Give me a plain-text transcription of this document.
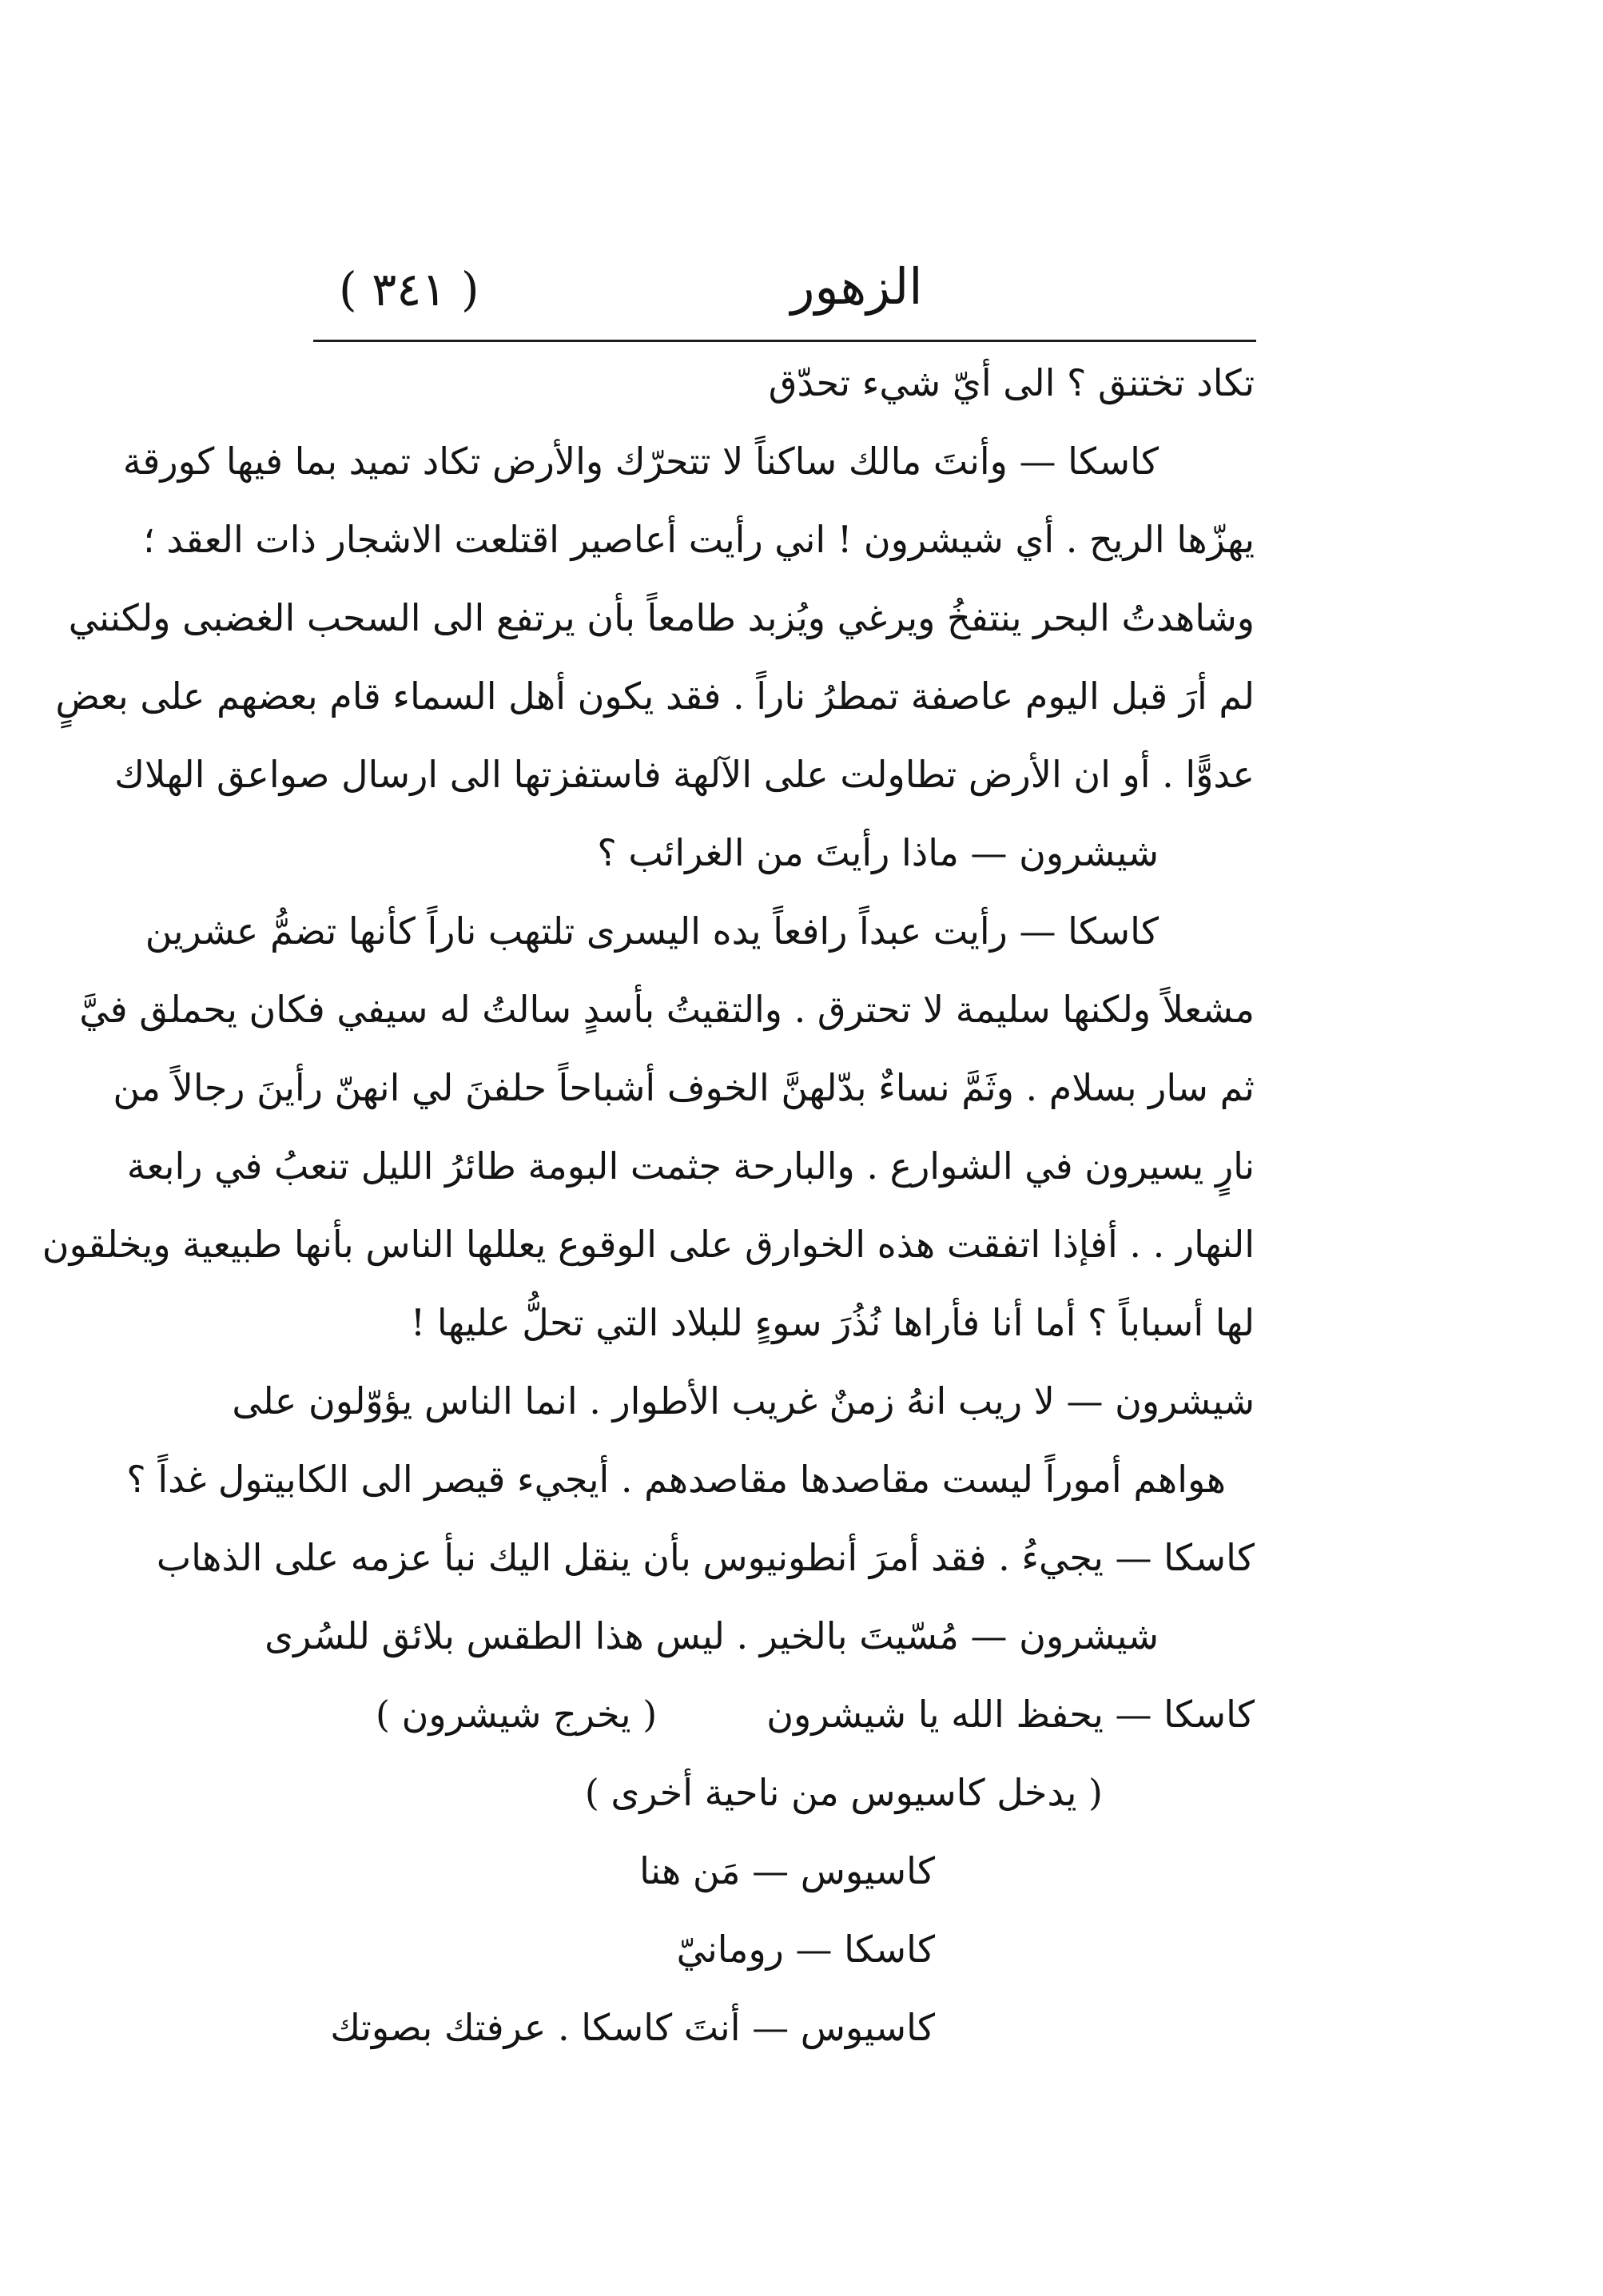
( ٣٤١ )	الزهور
تكاد تختنق ؟ الى أيّ شيء تحدّق
كاسكا — وأنتَ مالك ساكناً لا تتحرّك والأرض تكاد تميد بما فيها كورقة
يهزّها الريح . أي شيشرون ! اني رأيت أعاصير اقتلعت الاشجار ذات العقد ؛
وشاهدتُ البحر ينتفخُ ويرغي ويُزبد طامعاً بأن يرتفع الى السحب الغضبى ولكنني
لم أرَ قبل اليوم عاصفة تمطرُ ناراً . فقد يكون أهل السماء قام بعضهم على بعضٍ
عدوًّا . أو ان الأرض تطاولت على الآلهة فاستفزتها الى ارسال صواعق الهلاك
شيشرون — ماذا رأيتَ من الغرائب ؟
كاسكا — رأيت عبداً رافعاً يده اليسرى تلتهب ناراً كأنها تضمُّ عشرين
مشعلاً ولكنها سليمة لا تحترق . والتقيتُ بأسدٍ سالتُ له سيفي فكان يحملق فيَّ
ثم سار بسلام . وثَمَّ نساءٌ بدّلهنَّ الخوف أشباحاً حلفنَ لي انهنّ رأينَ رجالاً من
نارٍ يسيرون في الشوارع . والبارحة جثمت البومة طائرُ الليل تنعبُ في رابعة
النهار . . أفإذا اتفقت هذه الخوارق على الوقوع يعللها الناس بأنها طبيعية ويخلقون
لها أسباباً ؟ أما أنا فأراها نُذُرَ سوءٍ للبلاد التي تحلُّ عليها !
شيشرون — لا ريب انهُ زمنٌ غريب الأطوار . انما الناس يؤوّلون على
هواهم أموراً ليست مقاصدها مقاصدهم . أيجيء قيصر الى الكابيتول غداً ؟
كاسكا — يجيءُ . فقد أمرَ أنطونيوس بأن ينقل اليك نبأ عزمه على الذهاب
شيشرون — مُسّيتَ بالخير . ليس هذا الطقس بلائق للسُرى
كاسكا — يحفظ الله يا شيشرون
( يخرج شيشرون )
( يدخل كاسيوس من ناحية أخرى )
كاسيوس — مَن هنا
كاسكا — رومانيّ
كاسيوس — أنتَ كاسكا . عرفتك بصوتك
